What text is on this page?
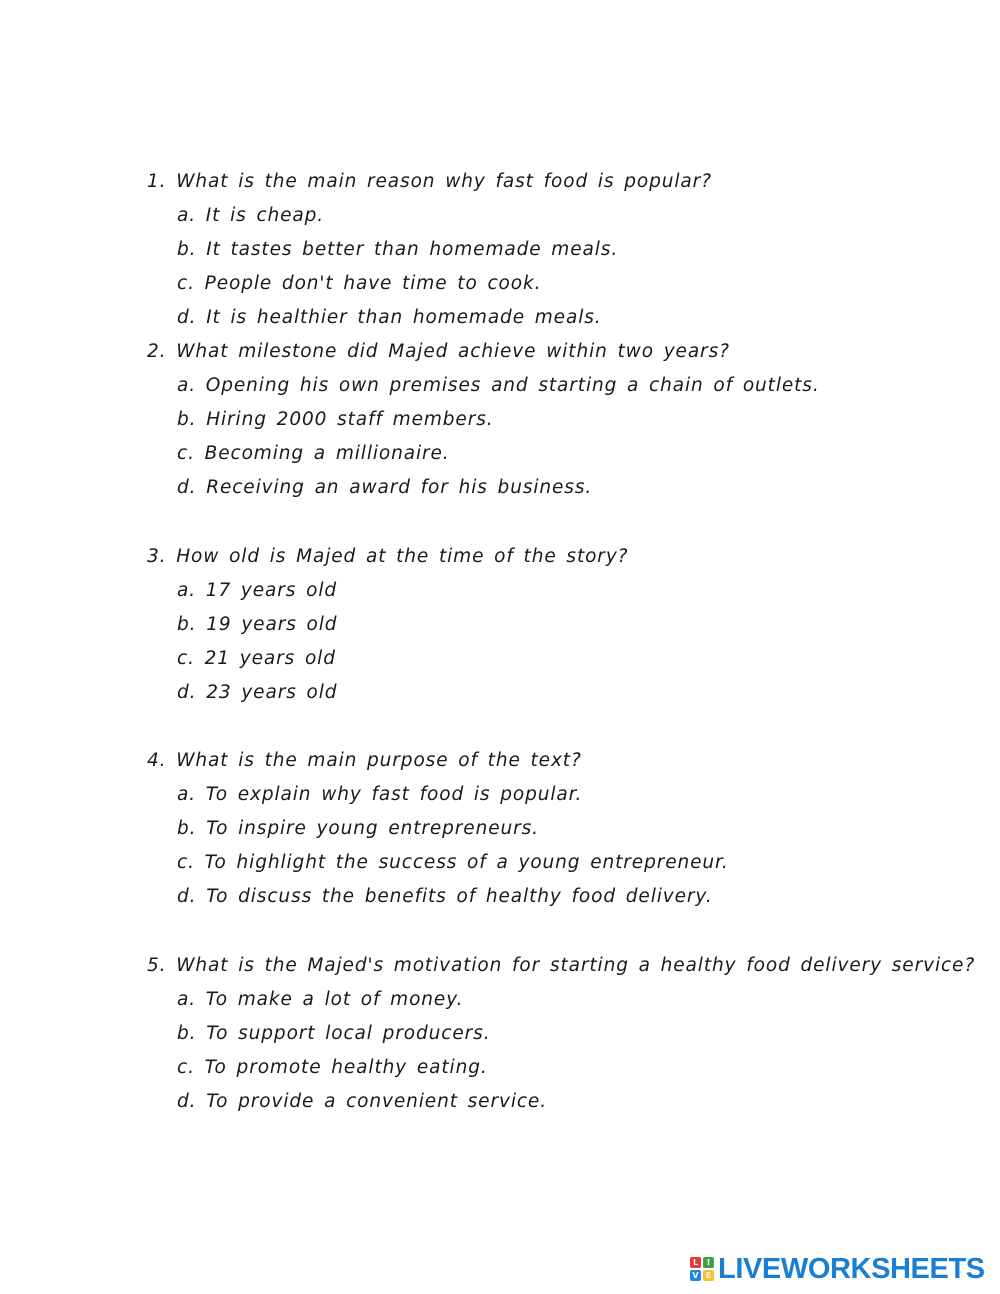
1. What is the main reason why fast food is popular?
a. It is cheap.
b. It tastes better than homemade meals.
c. People don't have time to cook.
d. It is healthier than homemade meals.
2. What milestone did Majed achieve within two years?
a. Opening his own premises and starting a chain of outlets.
b. Hiring 2000 staff members.
c. Becoming a millionaire.
d. Receiving an award for his business.
3. How old is Majed at the time of the story?
a. 17 years old
b. 19 years old
c. 21 years old
d. 23 years old
4. What is the main purpose of the text?
a. To explain why fast food is popular.
b. To inspire young entrepreneurs.
c. To highlight the success of a young entrepreneur.
d. To discuss the benefits of healthy food delivery.
5. What is the Majed's motivation for starting a healthy food delivery service?
a. To make a lot of money.
b. To support local producers.
c. To promote healthy eating.
d. To provide a convenient service.
L	I
V E LIVEWORKSHEETS
